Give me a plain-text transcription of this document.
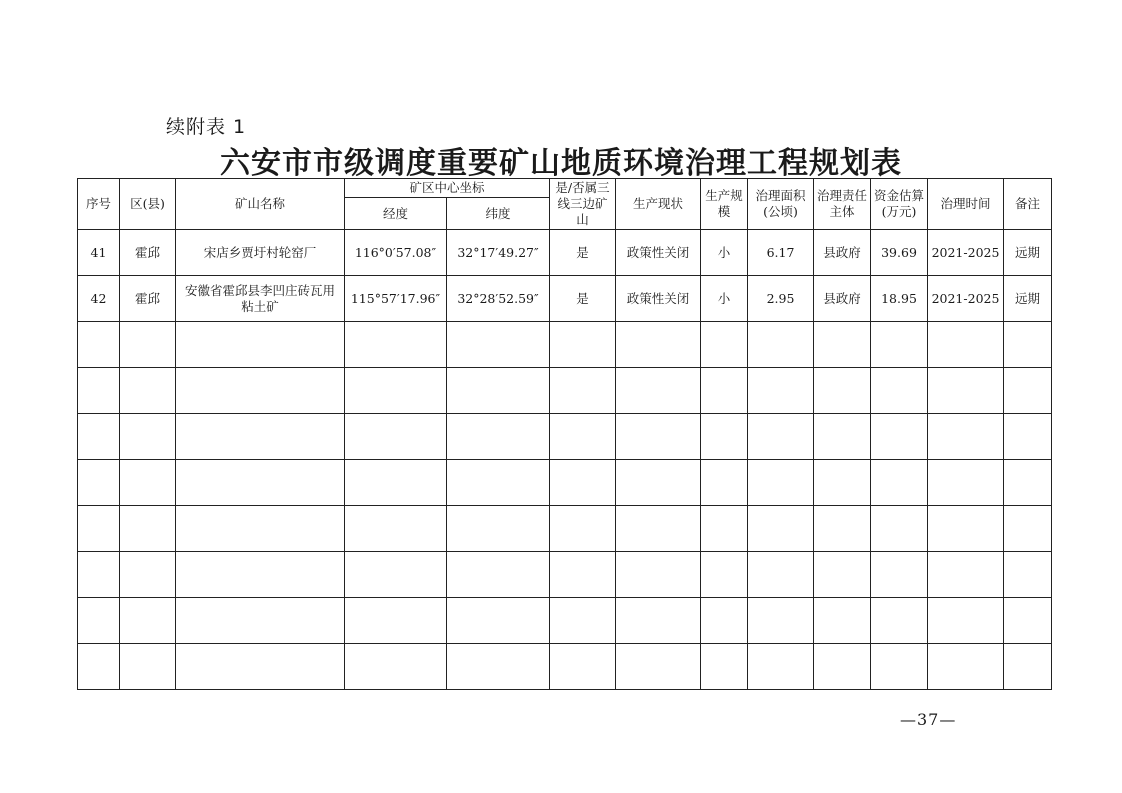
续附表 1
六安市市级调度重要矿山地质环境治理工程规划表
序号	区(县)	矿山名称	矿区中心坐标		是/否属三线三边矿山	生产现状	生产规模	治理面积(公顷)	治理责任主体	资金估算(万元)	治理时间	备注
			经度	纬度								
41	霍邱	宋店乡贾圩村轮窑厂	116°0′57.08″	32°17′49.27″	是	政策性关闭	小	6.17	县政府	39.69	2021-2025	远期
42	霍邱	安徽省霍邱县李凹庄砖瓦用粘土矿	115°57′17.96″	32°28′52.59″	是	政策性关闭	小	2.95	县政府	18.95	2021-2025	远期

—37—
